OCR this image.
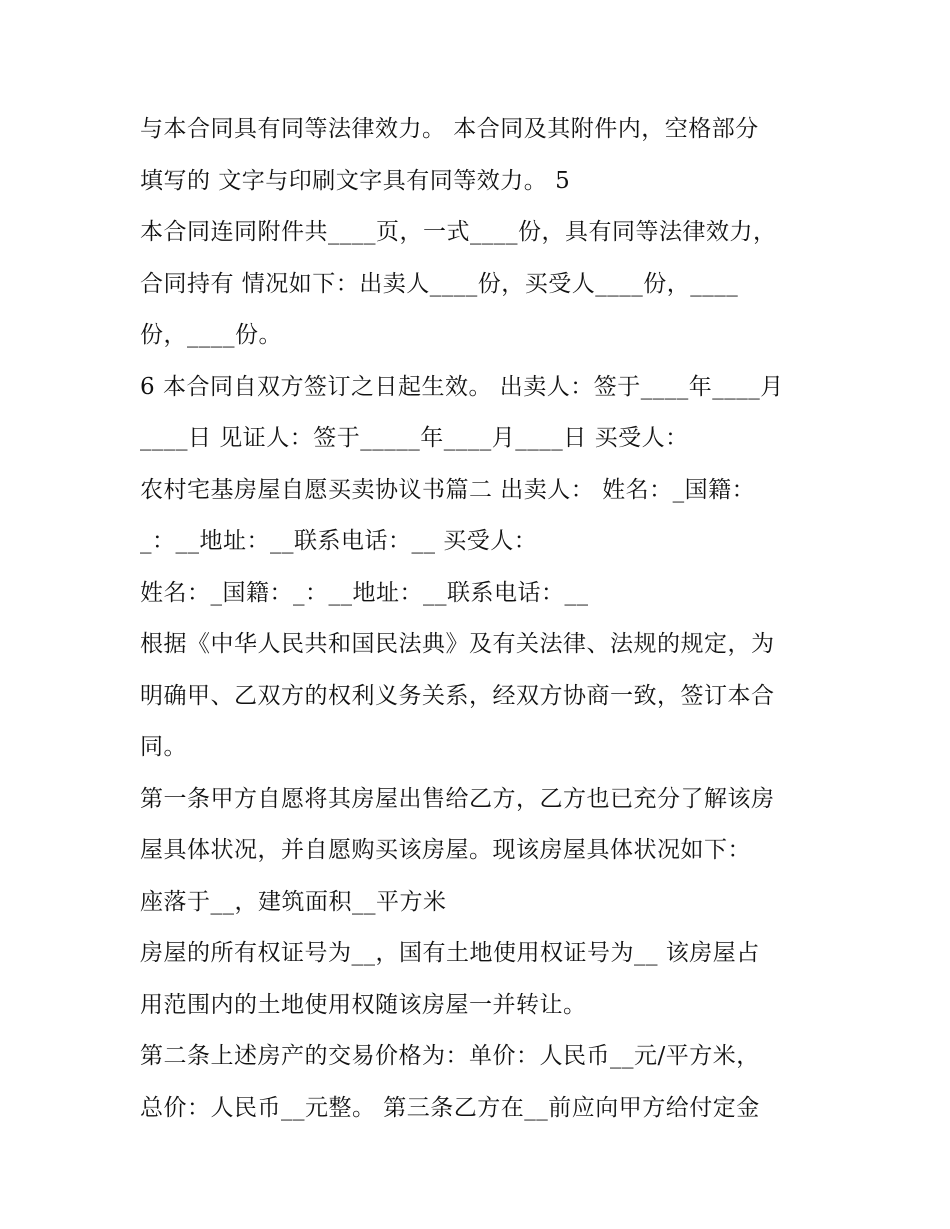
与本合同具有同等法律效力。 本合同及其附件内，空格部分
填写的 文字与印刷文字具有同等效力。 5
本合同连同附件共____页，一式____份，具有同等法律效力，
合同持有 情况如下：出卖人____份，买受人____份，____
份，____份。
6 本合同自双方签订之日起生效。 出卖人：签于____年____月
____日 见证人：签于_____年____月____日 买受人：
农村宅基房屋自愿买卖协议书篇二 出卖人： 姓名：_国籍：
_：__地址：__联系电话：__ 买受人：
姓名：_国籍：_：__地址：__联系电话：__
根据《中华人民共和国民法典》及有关法律、法规的规定，为
明确甲、乙双方的权利义务关系，经双方协商一致，签订本合
同。
第一条甲方自愿将其房屋出售给乙方，乙方也已充分了解该房
屋具体状况，并自愿购买该房屋。现该房屋具体状况如下：
座落于__，建筑面积__平方米
房屋的所有权证号为__，国有土地使用权证号为__ 该房屋占
用范围内的土地使用权随该房屋一并转让。
第二条上述房产的交易价格为：单价：人民币__元/平方米，
总价：人民币__元整。 第三条乙方在__前应向甲方给付定金
